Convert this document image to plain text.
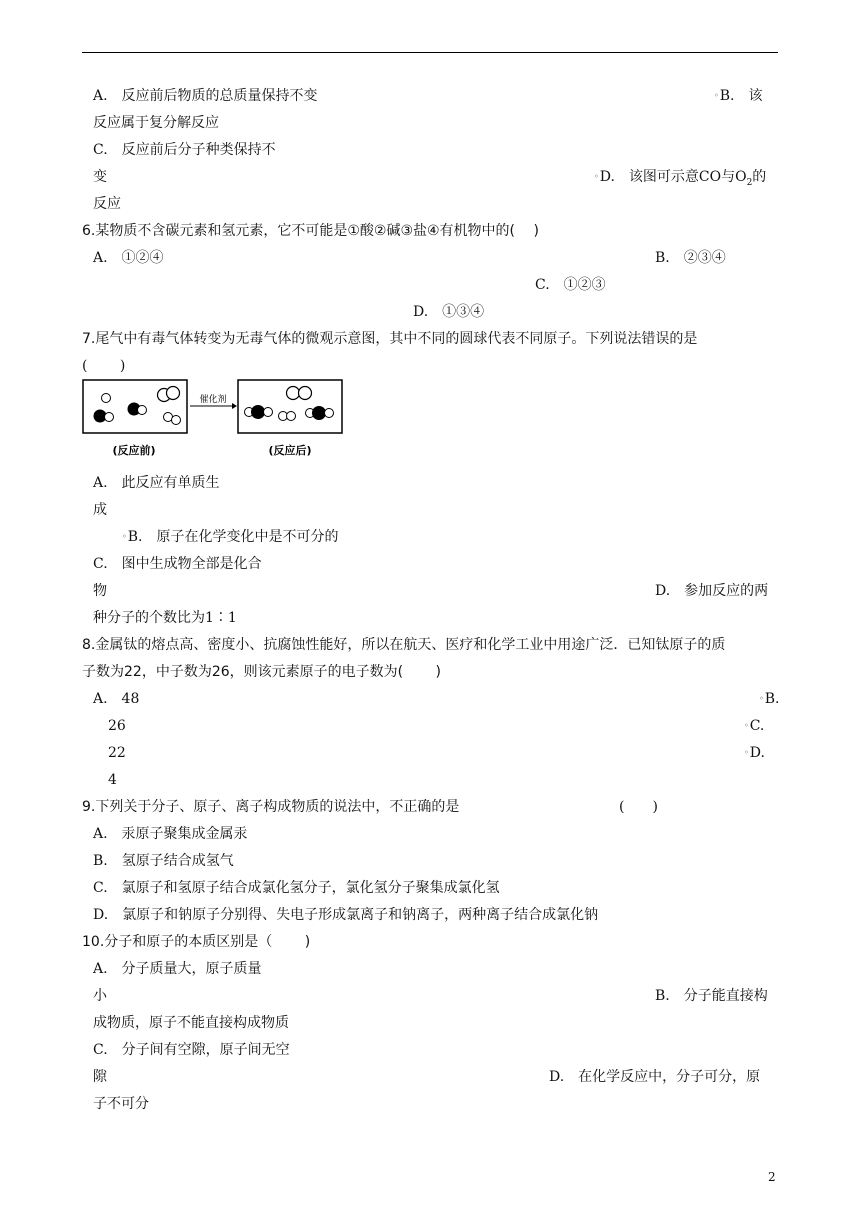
A.　反应前后物质的总质量保持不变	◦B.　该
反应属于复分解反应
C.　反应前后分子种类保持不
变	◦D.　该图可示意CO与$O_2$的
反应
6.某物质不含碳元素和氢元素，它不可能是①酸②碱③盐④有机物中的(　 )
A.　①②④	B.　②③④
C.　①②③
D.　①③④
7.尾气中有毒气体转变为无毒气体的微观示意图，其中不同的圆球代表不同原子。下列说法错误的是
(　　 )
催化剂
(反应前)	(反应后)
A.　此反应有单质生
成
◦B.　原子在化学变化中是不可分的
C.　图中生成物全部是化合
物	D.　参加反应的两
种分子的个数比为1∶1
8.金属钛的熔点高、密度小、抗腐蚀性能好，所以在航天、医疗和化学工业中用途广泛．已知钛原子的质
子数为22，中子数为26，则该元素原子的电子数为(　　 )
A.　48	◦B.
26	◦C.
22	◦D.
4
9.下列关于分子、原子、离子构成物质的说法中，不正确的是	(　　)
A.　汞原子聚集成金属汞
B.　氢原子结合成氢气
C.　氯原子和氢原子结合成氯化氢分子，氯化氢分子聚集成氯化氢
D.　氯原子和钠原子分别得、失电子形成氯离子和钠离子，两种离子结合成氯化钠
10.分子和原子的本质区别是（　　 )
A.　分子质量大，原子质量
小	B.　分子能直接构
成物质，原子不能直接构成物质
C.　分子间有空隙，原子间无空
隙	D.　在化学反应中，分子可分，原
子不可分
2
